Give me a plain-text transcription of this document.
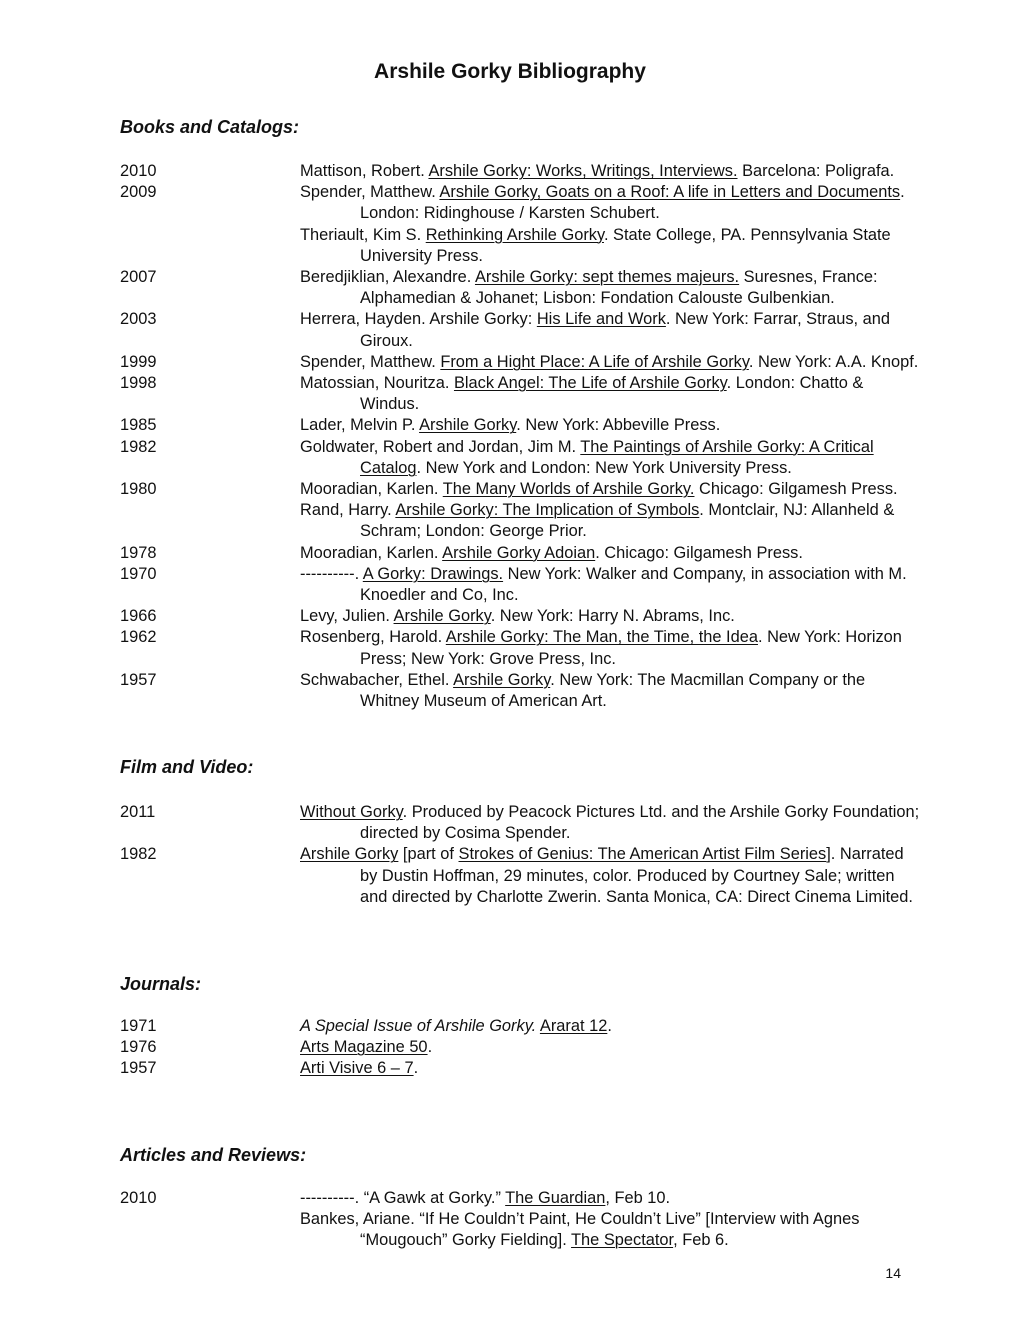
Arshile Gorky Bibliography
Books and Catalogs:
2010	Mattison, Robert. Arshile Gorky: Works, Writings, Interviews. Barcelona: Poligrafa.
2009	Spender, Matthew. Arshile Gorky, Goats on a Roof: A life in Letters and Documents. London: Ridinghouse / Karsten Schubert.
Theriault, Kim S. Rethinking Arshile Gorky. State College, PA. Pennsylvania State University Press.
2007	Beredjiklian, Alexandre. Arshile Gorky: sept themes majeurs. Suresnes, France: Alphamedian & Johanet; Lisbon: Fondation Calouste Gulbenkian.
2003	Herrera, Hayden. Arshile Gorky: His Life and Work. New York: Farrar, Straus, and Giroux.
1999	Spender, Matthew. From a Hight Place: A Life of Arshile Gorky. New York: A.A. Knopf.
1998	Matossian, Nouritza. Black Angel: The Life of Arshile Gorky. London: Chatto & Windus.
1985	Lader, Melvin P. Arshile Gorky. New York: Abbeville Press.
1982	Goldwater, Robert and Jordan, Jim M. The Paintings of Arshile Gorky: A Critical Catalog. New York and London: New York University Press.
1980	Mooradian, Karlen. The Many Worlds of Arshile Gorky. Chicago: Gilgamesh Press.
Rand, Harry. Arshile Gorky: The Implication of Symbols. Montclair, NJ: Allanheld & Schram; London: George Prior.
1978	Mooradian, Karlen. Arshile Gorky Adoian. Chicago: Gilgamesh Press.
1970	----------. A Gorky: Drawings. New York: Walker and Company, in association with M. Knoedler and Co, Inc.
1966	Levy, Julien. Arshile Gorky. New York: Harry N. Abrams, Inc.
1962	Rosenberg, Harold. Arshile Gorky: The Man, the Time, the Idea. New York: Horizon Press; New York: Grove Press, Inc.
1957	Schwabacher, Ethel. Arshile Gorky. New York: The Macmillan Company or the Whitney Museum of American Art.
Film and Video:
2011	Without Gorky. Produced by Peacock Pictures Ltd. and the Arshile Gorky Foundation; directed by Cosima Spender.
1982	Arshile Gorky [part of Strokes of Genius: The American Artist Film Series]. Narrated by Dustin Hoffman, 29 minutes, color. Produced by Courtney Sale; written and directed by Charlotte Zwerin. Santa Monica, CA: Direct Cinema Limited.
Journals:
1971	A Special Issue of Arshile Gorky. Ararat 12.
1976	Arts Magazine 50.
1957	Arti Visive 6 – 7.
Articles and Reviews:
2010	----------. “A Gawk at Gorky.” The Guardian, Feb 10.
Bankes, Ariane. “If He Couldn’t Paint, He Couldn’t Live” [Interview with Agnes “Mougouch” Gorky Fielding]. The Spectator, Feb 6.
14
